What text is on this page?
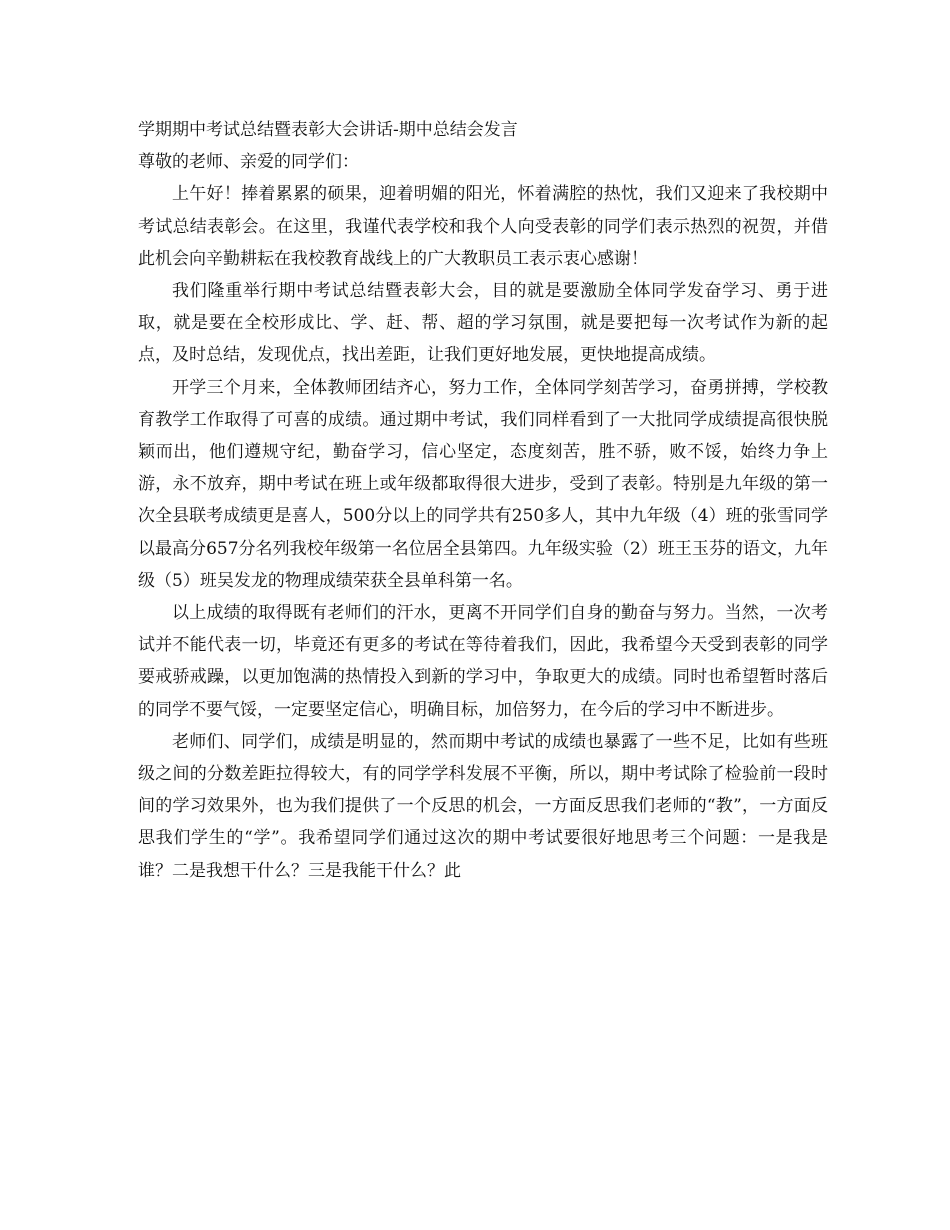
学期期中考试总结暨表彰大会讲话-期中总结会发言

尊敬的老师、亲爱的同学们：

上午好！捧着累累的硕果，迎着明媚的阳光，怀着满腔的热忱，我们又迎来了我校期中考试总结表彰会。在这里，我谨代表学校和我个人向受表彰的同学们表示热烈的祝贺，并借此机会向辛勤耕耘在我校教育战线上的广大教职员工表示衷心感谢！

我们隆重举行期中考试总结暨表彰大会，目的就是要激励全体同学发奋学习、勇于进取，就是要在全校形成比、学、赶、帮、超的学习氛围，就是要把每一次考试作为新的起点，及时总结，发现优点，找出差距，让我们更好地发展，更快地提高成绩。

开学三个月来，全体教师团结齐心，努力工作，全体同学刻苦学习，奋勇拼搏，学校教育教学工作取得了可喜的成绩。通过期中考试，我们同样看到了一大批同学成绩提高很快脱颖而出，他们遵规守纪，勤奋学习，信心坚定，态度刻苦，胜不骄，败不馁，始终力争上游，永不放弃，期中考试在班上或年级都取得很大进步，受到了表彰。特别是九年级的第一次全县联考成绩更是喜人，500分以上的同学共有250多人，其中九年级（4）班的张雪同学以最高分657分名列我校年级第一名位居全县第四。九年级实验（2）班王玉芬的语文，九年级（5）班吴发龙的物理成绩荣获全县单科第一名。

以上成绩的取得既有老师们的汗水，更离不开同学们自身的勤奋与努力。当然，一次考试并不能代表一切，毕竟还有更多的考试在等待着我们，因此，我希望今天受到表彰的同学要戒骄戒躁，以更加饱满的热情投入到新的学习中，争取更大的成绩。同时也希望暂时落后的同学不要气馁，一定要坚定信心，明确目标，加倍努力，在今后的学习中不断进步。

老师们、同学们，成绩是明显的，然而期中考试的成绩也暴露了一些不足，比如有些班级之间的分数差距拉得较大，有的同学学科发展不平衡，所以，期中考试除了检验前一段时间的学习效果外，也为我们提供了一个反思的机会，一方面反思我们老师的“教”，一方面反思我们学生的“学”。我希望同学们通过这次的期中考试要很好地思考三个问题：一是我是谁？二是我想干什么？三是我能干什么？此
